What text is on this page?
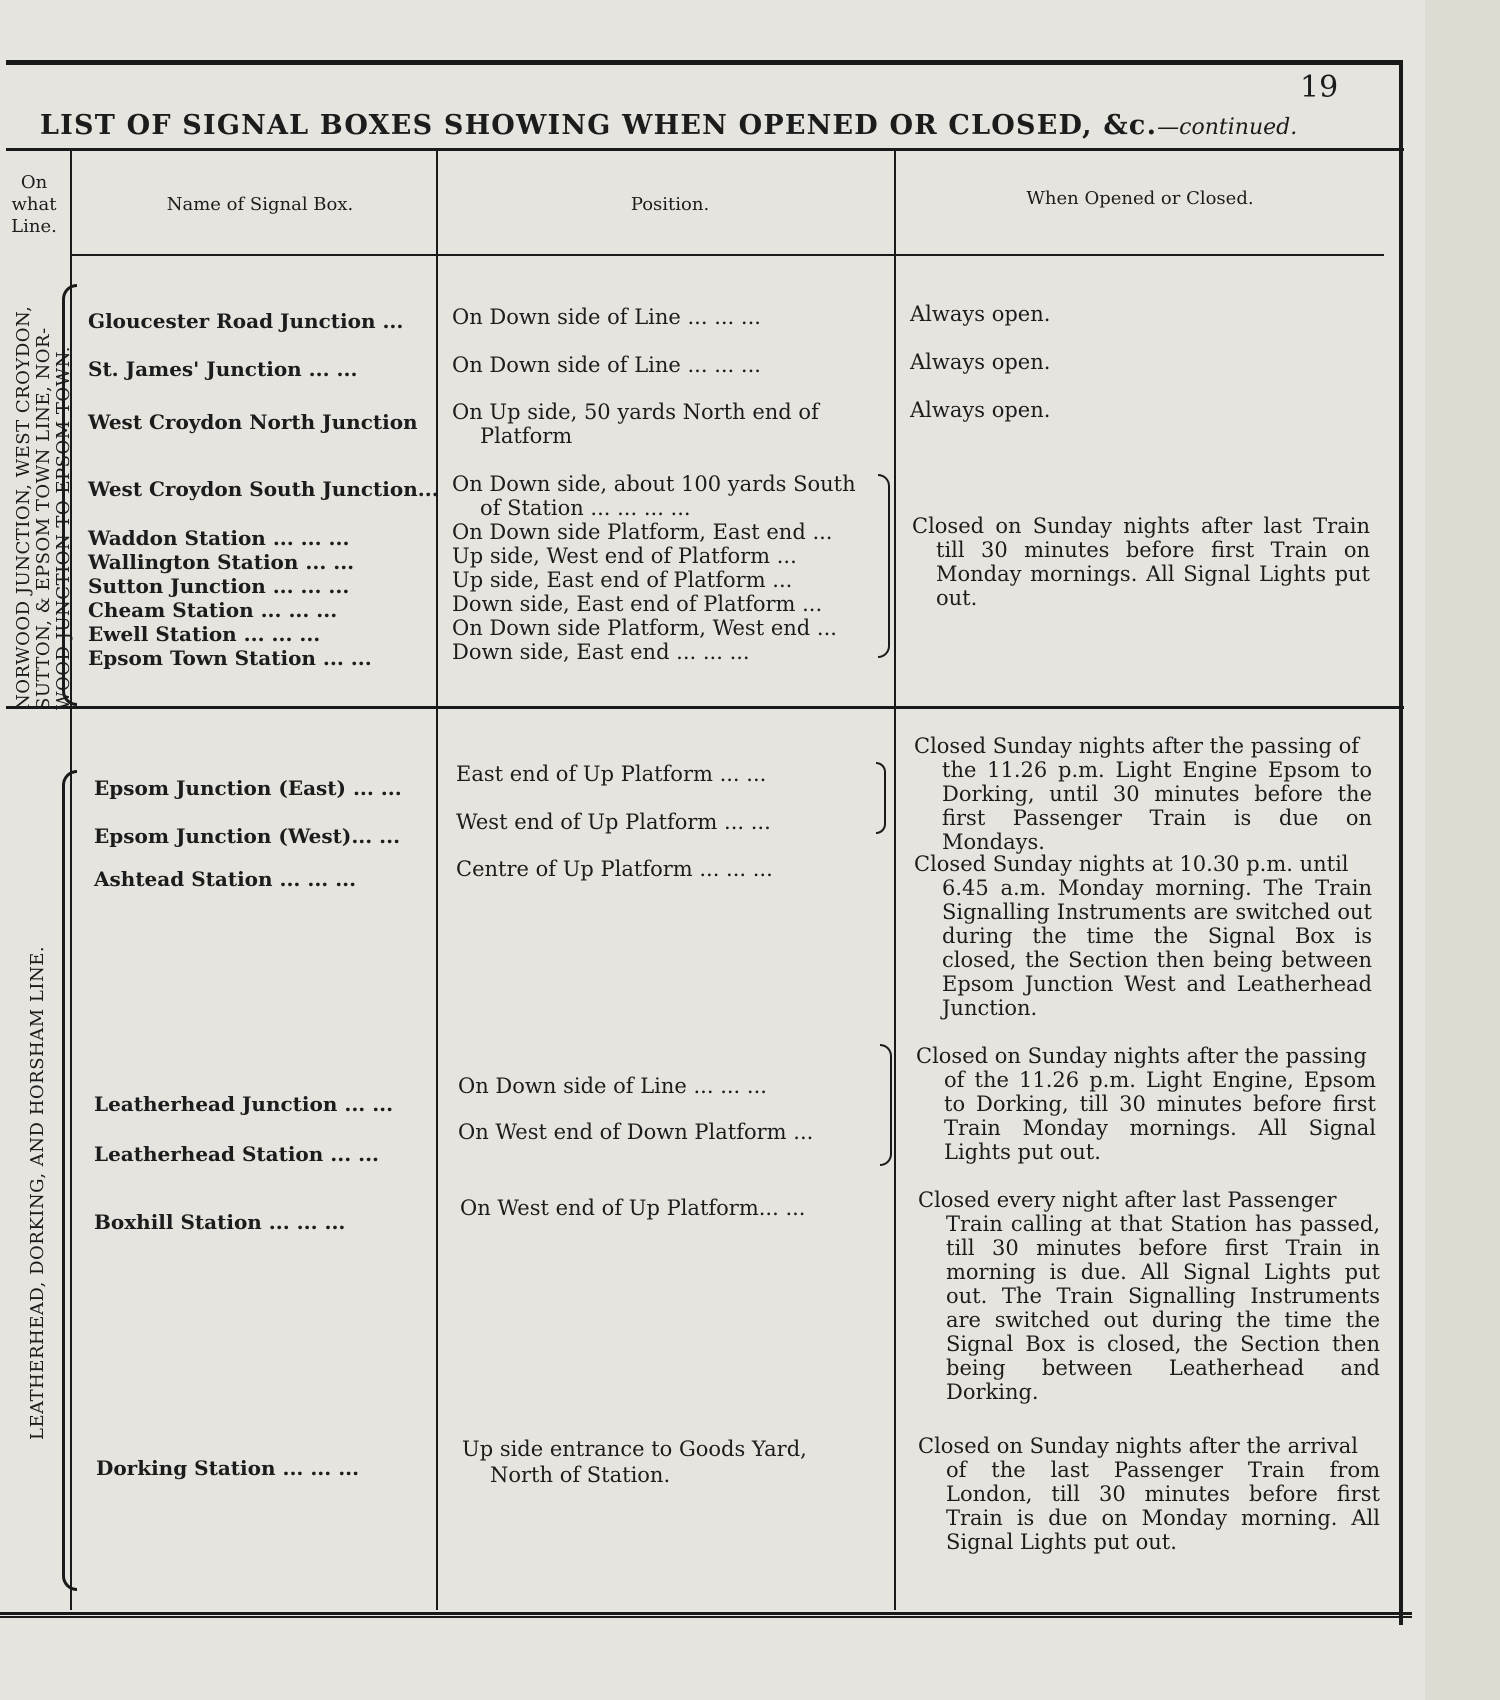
19
LIST OF SIGNAL BOXES SHOWING WHEN OPENED OR CLOSED, &c.—continued.
On what Line.
Name of Signal Box.	Position.	When Opened or Closed.
NORWOOD JUNCTION, WEST CROYDON, SUTTON, & EPSOM TOWN LINE, NOR- WOOD JUNCTION TO EPSOM TOWN.
Gloucester Road Junction ...
St. James' Junction ... ...
West Croydon North Junction
West Croydon South Junction...
Waddon Station ... ... ...
Wallington Station ... ...
Sutton Junction ... ... ...
Cheam Station ... ... ...
Ewell Station ... ... ...
Epsom Town Station ... ...
On Down side of Line ... ... ...
On Down side of Line ... ... ...
On Up side, 50 yards North end of
Platform
On Down side, about 100 yards South
of Station ... ... ... ...
On Down side Platform, East end ...
Up side, West end of Platform ...
Up side, East end of Platform ...
Down side, East end of Platform ...
On Down side Platform, West end ...
Down side, East end ... ... ...
Always open.
Always open.
Always open.
Closed on Sunday nights after last Train till 30 minutes before first Train on Monday mornings. All Signal Lights put out.
LEATHERHEAD, DORKING, AND HORSHAM LINE.
Epsom Junction (East) ... ...
Epsom Junction (West)... ...
Ashtead Station ... ... ...
Leatherhead Junction ... ...
Leatherhead Station ... ...
Boxhill Station ... ... ...
Dorking Station ... ... ...
East end of Up Platform ... ...
West end of Up Platform ... ...
Centre of Up Platform ... ... ...
On Down side of Line ... ... ...
On West end of Down Platform ...
On West end of Up Platform... ...
Up side entrance to Goods Yard,
North of Station.
Closed Sunday nights after the passing of
the 11.26 p.m. Light Engine Epsom to Dorking, until 30 minutes before the first Passenger Train is due on Mondays.
Closed Sunday nights at 10.30 p.m. until
6.45 a.m. Monday morning. The Train Signalling Instruments are switched out during the time the Signal Box is closed, the Section then being between Epsom Junction West and Leatherhead Junction.
Closed on Sunday nights after the passing
of the 11.26 p.m. Light Engine, Epsom to Dorking, till 30 minutes before first Train Monday mornings. All Signal Lights put out.
Closed every night after last Passenger
Train calling at that Station has passed, till 30 minutes before first Train in morning is due. All Signal Lights put out. The Train Signalling Instruments are switched out during the time the Signal Box is closed, the Section then being between Leatherhead and Dorking.
Closed on Sunday nights after the arrival
of the last Passenger Train from London, till 30 minutes before first Train is due on Monday morning. All Signal Lights put out.
